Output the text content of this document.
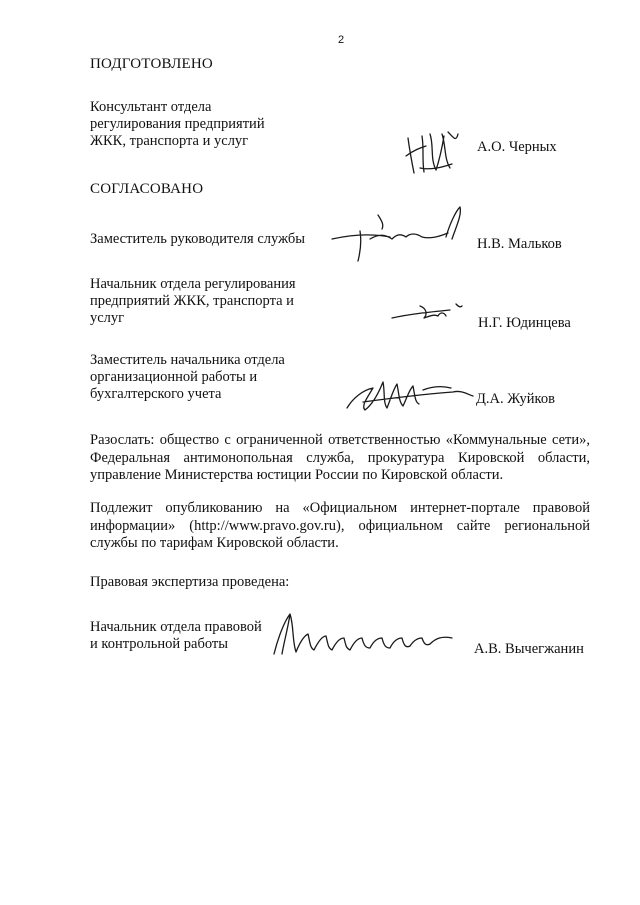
2
ПОДГОТОВЛЕНО
Консультант отдела
регулирования предприятий
ЖКК, транспорта и услуг	А.О. Черных
СОГЛАСОВАНО
Заместитель руководителя службы	Н.В. Мальков
Начальник отдела регулирования
предприятий ЖКК, транспорта и
услуг	Н.Г. Юдинцева
Заместитель начальника отдела
организационной работы и
бухгалтерского учета	Д.А. Жуйков
Разослать: общество с ограниченной ответственностью «Коммунальные сети», Федеральная антимонопольная служба, прокуратура Кировской области, управление Министерства юстиции России по Кировской области.
Подлежит опубликованию на «Официальном интернет-портале правовой информации» (http://www.pravo.gov.ru), официальном сайте региональной службы по тарифам Кировской области.
Правовая экспертиза проведена:
Начальник отдела правовой
и контрольной работы	А.В. Вычегжанин
